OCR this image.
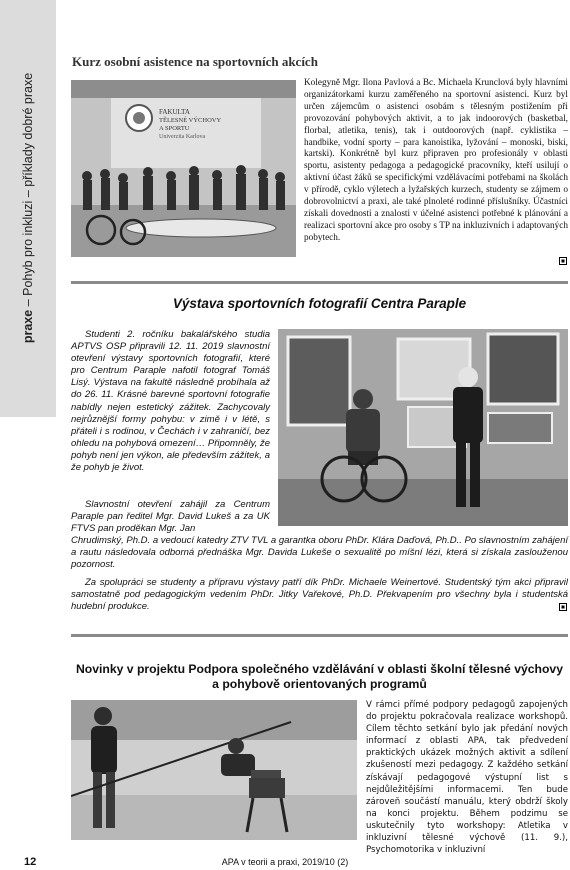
praxe – Pohyb pro inkluzi – příklady dobré praxe
Kurz osobní asistence na sportovních akcích
FAKULTA
TĚLESNÉ VÝCHOVY
A SPORTU
Univerzita Karlova
Kolegyně Mgr. Ilona Pavlová a Bc. Michaela Krunclová byly hlavními organizátorkami kurzu zaměřeného na sportovní asistenci. Kurz byl určen zájemcům o asistenci osobám s tělesným postižením při provozování pohybových aktivit, a to jak indoorových (basketbal, florbal, atletika, tenis), tak i outdoorových (např. cyklistika – handbike, vodní sporty – para kanoistika, lyžování – monoski, biski, kartski). Konkrétně byl kurz připraven pro profesionály v oblasti sportu, asistenty pedagoga a pedagogické pracovníky, kteří usilují o aktivní účast žáků se specifickými vzdělávacími potřebami na školách v přírodě, cyklo výletech a lyžařských kurzech, studenty se zájmem o dobrovolnictví a praxi, ale také plnoleté rodinné příslušníky. Účastníci získali dovednosti a znalosti v účelné asistenci potřebné k plánování a realizaci sportovní akce pro osoby s TP na inkluzivních i adaptovaných pobytech.
Výstava sportovních fotografií Centra Paraple

Studenti 2. ročníku bakalářského studia APTVS OSP připravili 12. 11. 2019 slavnostní otevření výstavy sportovních fotografií, které pro Centrum Paraple nafotil fotograf Tomáš Lisý. Výstava na fakultě následně probíhala až do 26. 11. Krásné barevné sportovní fotografie nabídly nejen estetický zážitek. Zachycovaly nejrůznější formy pohybu: v zimě i v létě, s přáteli i s rodinou, v Čechách i v zahraničí, bez ohledu na pohybová omezení… Připomněly, že pohyb není jen výkon, ale především zážitek, a že pohyb je život.

Slavnostní otevření zahájil za Centrum Paraple pan ředitel Mgr. David Lukeš a za UK FTVS pan proděkan Mgr. Jan

Chrudimský, Ph.D. a vedoucí katedry ZTV TVL a garantka oboru PhDr. Klára Daďová, Ph.D.. Po slavnostním zahájení a rautu následovala odborná přednáška Mgr. Davida Lukeše o sexualitě po míšní lézi, která si získala zaslouženou pozornost.

Za spolupráci se studenty a přípravu výstavy patří dík PhDr. Michaele Weinertové. Studentský tým akci připravil samostatně pod pedagogickým vedením PhDr. Jitky Vařekové, Ph.D. Překvapením pro všechny byla i studentská hudební produkce.

Novinky v projektu Podpora společného vzdělávání v oblasti školní tělesné výchovy
a pohybově orientovaných programů
V rámci přímé podpory pedagogů zapojených do projektu pokračovala realizace workshopů. Cílem těchto setkání bylo jak předání nových informací z oblasti APA, tak předvedení praktických ukázek možných aktivit a sdílení zkušeností mezi pedagogy. Z každého setkání získávají pedagogové výstupní list s nejdůležitějšími informacemi. Ten bude zároveň součástí manuálu, který obdrží školy na konci projektu. Během podzimu se uskutečnily tyto workshopy: Atletika v inkluzivní tělesné výchově (11. 9.), Psychomotorika v inkluzivní
12	APA v teorii a praxi, 2019/10 (2)
